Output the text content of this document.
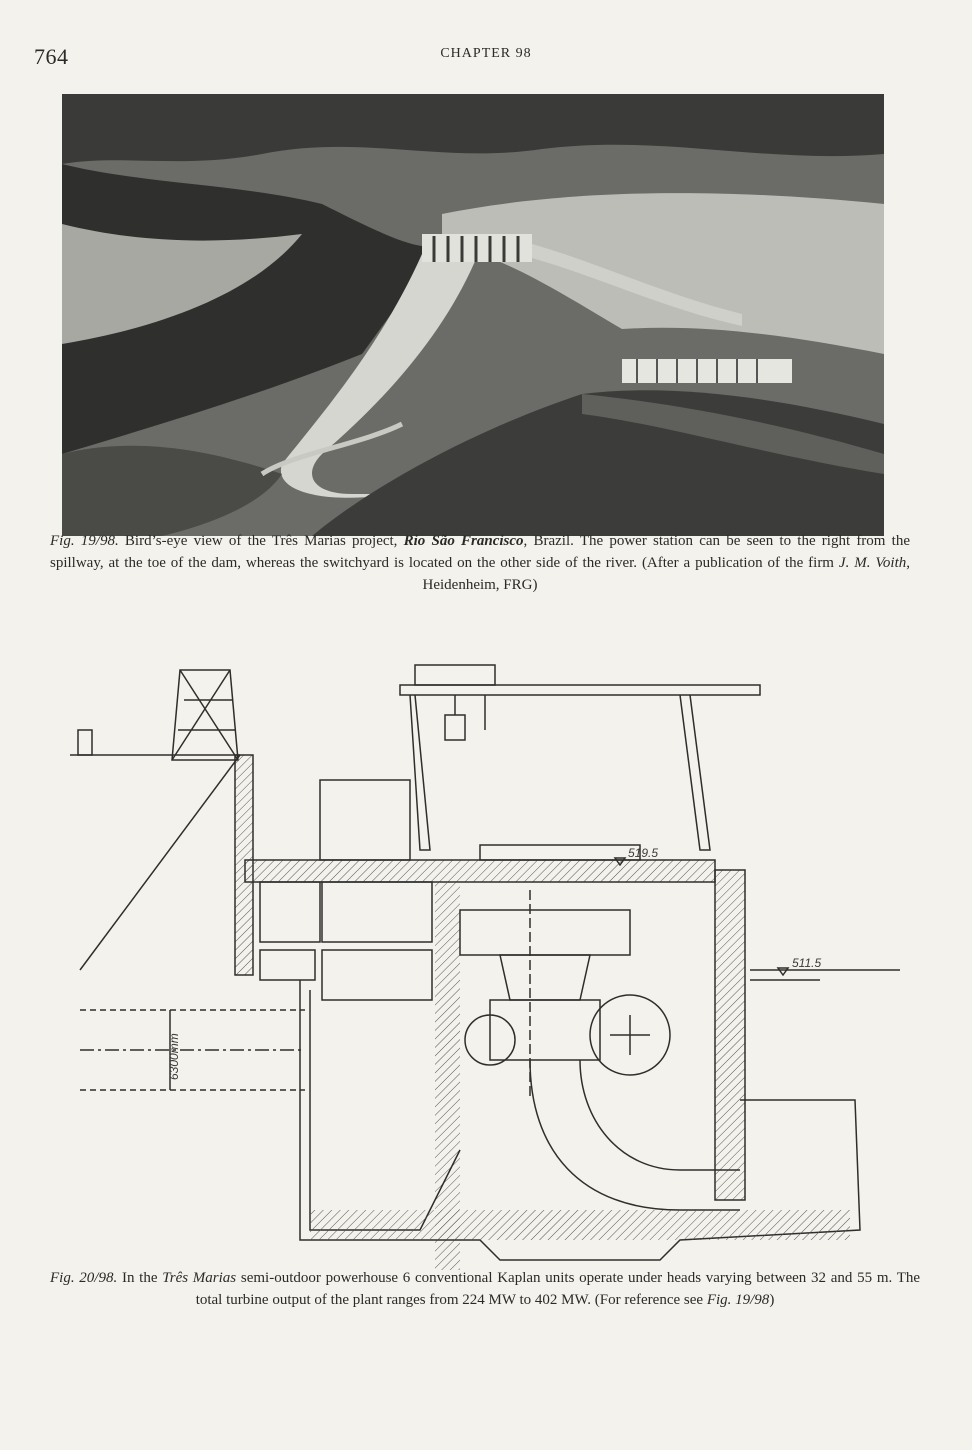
764	CHAPTER 98
Fig. 19/98. Bird’s-eye view of the Três Marias project, Rio São Francisco, Brazil. The power station can be seen to the right from the spillway, at the toe of the dam, whereas the switchyard is located on the other side of the river. (After a publication of the firm J. M. Voith, Heidenheim, FRG)
519.5
511.5
6300mm
Fig. 20/98. In the Três Marias semi-outdoor powerhouse 6 conventional Kaplan units operate under heads varying between 32 and 55 m. The total turbine output of the plant ranges from 224 MW to 402 MW. (For reference see Fig. 19/98)
